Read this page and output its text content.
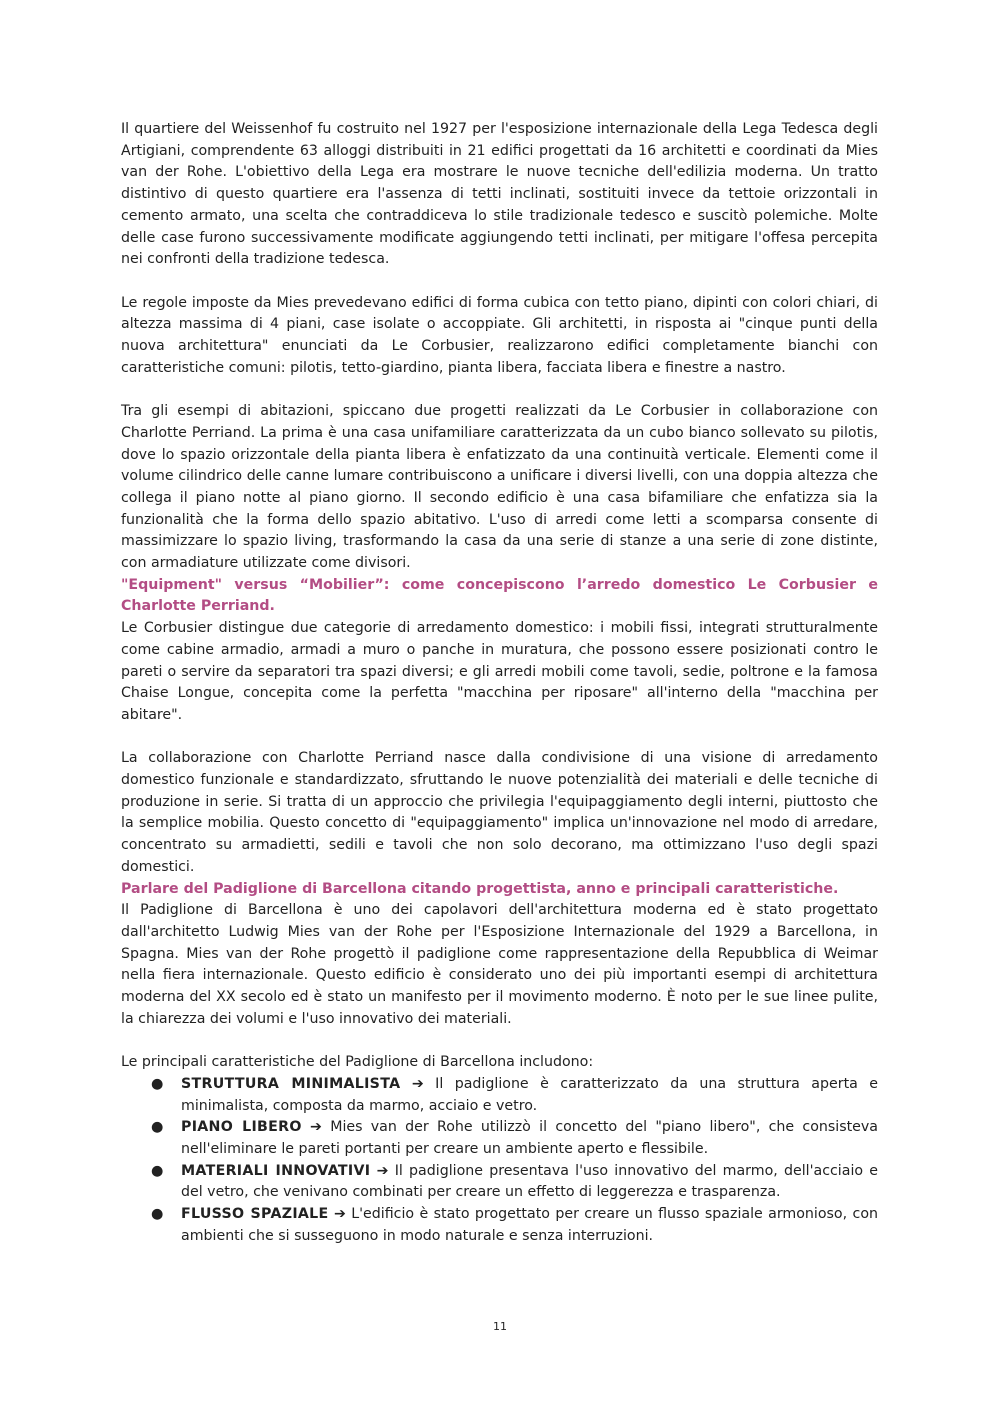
Il quartiere del Weissenhof fu costruito nel 1927 per l'esposizione internazionale della Lega Tedesca degli Artigiani, comprendente 63 alloggi distribuiti in 21 edifici progettati da 16 architetti e coordinati da Mies van der Rohe. L'obiettivo della Lega era mostrare le nuove tecniche dell'edilizia moderna. Un tratto distintivo di questo quartiere era l'assenza di tetti inclinati, sostituiti invece da tettoie orizzontali in cemento armato, una scelta che contraddiceva lo stile tradizionale tedesco e suscitò polemiche. Molte delle case furono successivamente modificate aggiungendo tetti inclinati, per mitigare l'offesa percepita nei confronti della tradizione tedesca.

Le regole imposte da Mies prevedevano edifici di forma cubica con tetto piano, dipinti con colori chiari, di altezza massima di 4 piani, case isolate o accoppiate. Gli architetti, in risposta ai "cinque punti della nuova architettura" enunciati da Le Corbusier, realizzarono edifici completamente bianchi con caratteristiche comuni: pilotis, tetto-giardino, pianta libera, facciata libera e finestre a nastro.

Tra gli esempi di abitazioni, spiccano due progetti realizzati da Le Corbusier in collaborazione con Charlotte Perriand. La prima è una casa unifamiliare caratterizzata da un cubo bianco sollevato su pilotis, dove lo spazio orizzontale della pianta libera è enfatizzato da una continuità verticale. Elementi come il volume cilindrico delle canne lumare contribuiscono a unificare i diversi livelli, con una doppia altezza che collega il piano notte al piano giorno. Il secondo edificio è una casa bifamiliare che enfatizza sia la funzionalità che la forma dello spazio abitativo. L'uso di arredi come letti a scomparsa consente di massimizzare lo spazio living, trasformando la casa da una serie di stanze a una serie di zone distinte, con armadiature utilizzate come divisori.

"Equipment" versus “Mobilier”: come concepiscono l’arredo domestico Le Corbusier e Charlotte Perriand.

Le Corbusier distingue due categorie di arredamento domestico: i mobili fissi, integrati strutturalmente come cabine armadio, armadi a muro o panche in muratura, che possono essere posizionati contro le pareti o servire da separatori tra spazi diversi; e gli arredi mobili come tavoli, sedie, poltrone e la famosa Chaise Longue, concepita come la perfetta "macchina per riposare" all'interno della "macchina per abitare".

La collaborazione con Charlotte Perriand nasce dalla condivisione di una visione di arredamento domestico funzionale e standardizzato, sfruttando le nuove potenzialità dei materiali e delle tecniche di produzione in serie. Si tratta di un approccio che privilegia l'equipaggiamento degli interni, piuttosto che la semplice mobilia. Questo concetto di "equipaggiamento" implica un'innovazione nel modo di arredare, concentrato su armadietti, sedili e tavoli che non solo decorano, ma ottimizzano l'uso degli spazi domestici.

Parlare del Padiglione di Barcellona citando progettista, anno e principali caratteristiche.

Il Padiglione di Barcellona è uno dei capolavori dell'architettura moderna ed è stato progettato dall'architetto Ludwig Mies van der Rohe per l'Esposizione Internazionale del 1929 a Barcellona, in Spagna. Mies van der Rohe progettò il padiglione come rappresentazione della Repubblica di Weimar nella fiera internazionale. Questo edificio è considerato uno dei più importanti esempi di architettura moderna del XX secolo ed è stato un manifesto per il movimento moderno. È noto per le sue linee pulite, la chiarezza dei volumi e l'uso innovativo dei materiali.

Le principali caratteristiche del Padiglione di Barcellona includono:

● STRUTTURA MINIMALISTA ➔ Il padiglione è caratterizzato da una struttura aperta e minimalista, composta da marmo, acciaio e vetro.
● PIANO LIBERO ➔ Mies van der Rohe utilizzò il concetto del "piano libero", che consisteva nell'eliminare le pareti portanti per creare un ambiente aperto e flessibile.
● MATERIALI INNOVATIVI ➔ Il padiglione presentava l'uso innovativo del marmo, dell'acciaio e del vetro, che venivano combinati per creare un effetto di leggerezza e trasparenza.
● FLUSSO SPAZIALE ➔ L'edificio è stato progettato per creare un flusso spaziale armonioso, con ambienti che si susseguono in modo naturale e senza interruzioni.
11
